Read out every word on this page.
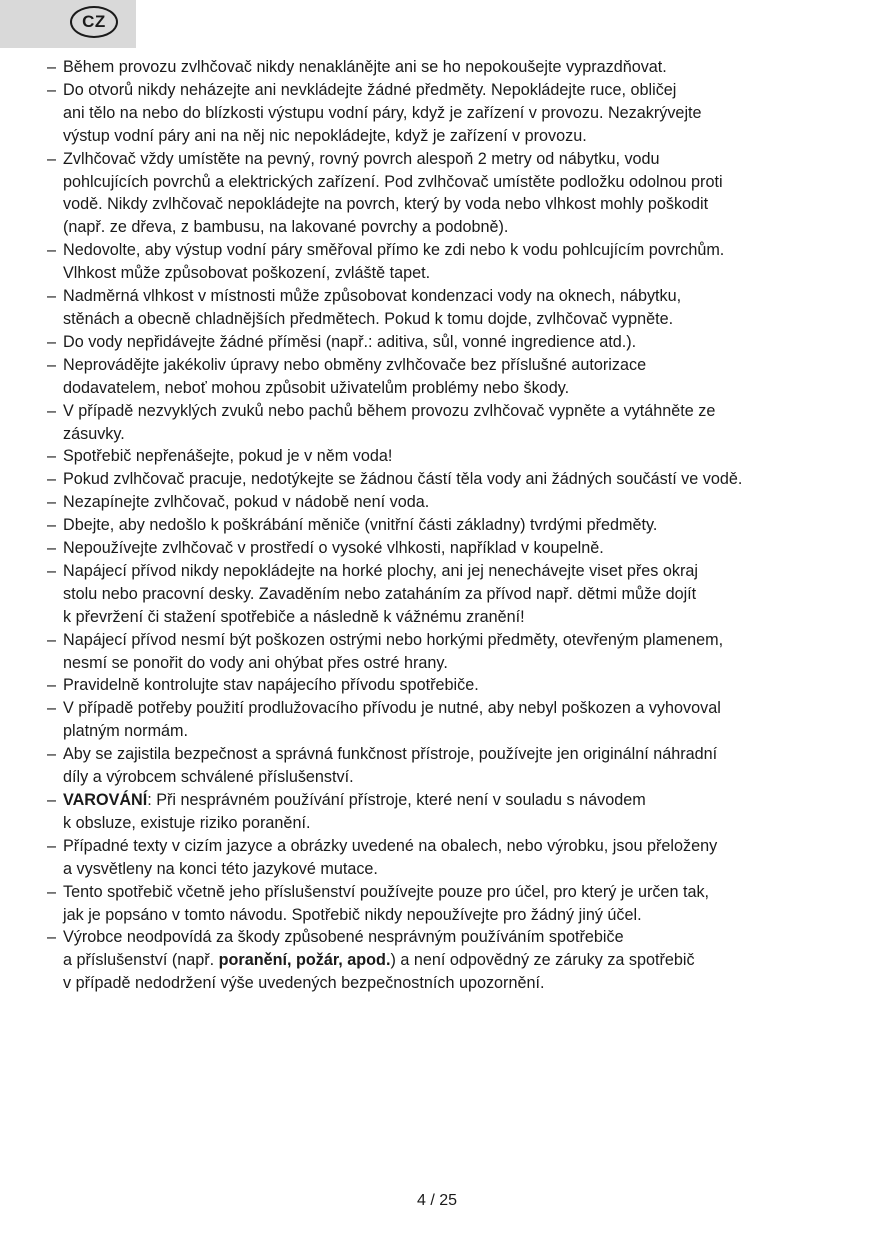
CZ
– Během provozu zvlhčovač nikdy nenaklánějte ani se ho nepokoušejte vyprazdňovat.
– Do otvorů nikdy neházejte ani nevkládejte žádné předměty. Nepokládejte ruce, obličej
ani tělo na nebo do blízkosti výstupu vodní páry, když je zařízení v provozu. Nezakrývejte
výstup vodní páry ani na něj nic nepokládejte, když je zařízení v provozu.
– Zvlhčovač vždy umístěte na pevný, rovný povrch alespoň 2 metry od nábytku, vodu
pohlcujících povrchů a elektrických zařízení. Pod zvlhčovač umístěte podložku odolnou proti
vodě. Nikdy zvlhčovač nepokládejte na povrch, který by voda nebo vlhkost mohly poškodit
(např. ze dřeva, z bambusu, na lakované povrchy a podobně).
– Nedovolte, aby výstup vodní páry směřoval přímo ke zdi nebo k vodu pohlcujícím povrchům.
Vlhkost může způsobovat poškození, zvláště tapet.
– Nadměrná vlhkost v místnosti může způsobovat kondenzaci vody na oknech, nábytku,
stěnách a obecně chladnějších předmětech. Pokud k tomu dojde, zvlhčovač vypněte.
– Do vody nepřidávejte žádné příměsi (např.: aditiva, sůl, vonné ingredience atd.).
– Neprovádějte jakékoliv úpravy nebo obměny zvlhčovače bez příslušné autorizace
dodavatelem, neboť mohou způsobit uživatelům problémy nebo škody.
– V případě nezvyklých zvuků nebo pachů během provozu zvlhčovač vypněte a vytáhněte ze
zásuvky.
– Spotřebič nepřenášejte, pokud je v něm voda!
– Pokud zvlhčovač pracuje, nedotýkejte se žádnou částí těla vody ani žádných součástí ve vodě.
– Nezapínejte zvlhčovač, pokud v nádobě není voda.
– Dbejte, aby nedošlo k poškrábání měniče (vnitřní části základny) tvrdými předměty.
– Nepoužívejte zvlhčovač v prostředí o vysoké vlhkosti, například v koupelně.
– Napájecí přívod nikdy nepokládejte na horké plochy, ani jej nenechávejte viset přes okraj
stolu nebo pracovní desky. Zavaděním nebo zataháním za přívod např. dětmi může dojít
k převržení či stažení spotřebiče a následně k vážnému zranění!
– Napájecí přívod nesmí být poškozen ostrými nebo horkými předměty, otevřeným plamenem,
nesmí se ponořit do vody ani ohýbat přes ostré hrany.
– Pravidelně kontrolujte stav napájecího přívodu spotřebiče.
– V případě potřeby použití prodlužovacího přívodu je nutné, aby nebyl poškozen a vyhovoval
platným normám.
– Aby se zajistila bezpečnost a správná funkčnost přístroje, používejte jen originální náhradní
díly a výrobcem schválené příslušenství.
– VAROVÁNÍ: Při nesprávném používání přístroje, které není v souladu s návodem
k obsluze, existuje riziko poranění.
– Případné texty v cizím jazyce a obrázky uvedené na obalech, nebo výrobku, jsou přeloženy
a vysvětleny na konci této jazykové mutace.
– Tento spotřebič včetně jeho příslušenství používejte pouze pro účel, pro který je určen tak,
jak je popsáno v tomto návodu. Spotřebič nikdy nepoužívejte pro žádný jiný účel.
– Výrobce neodpovídá za škody způsobené nesprávným používáním spotřebiče
a příslušenství (např. poranění, požár, apod.) a není odpovědný ze záruky za spotřebič
v případě nedodržení výše uvedených bezpečnostních upozornění.
4 / 25
